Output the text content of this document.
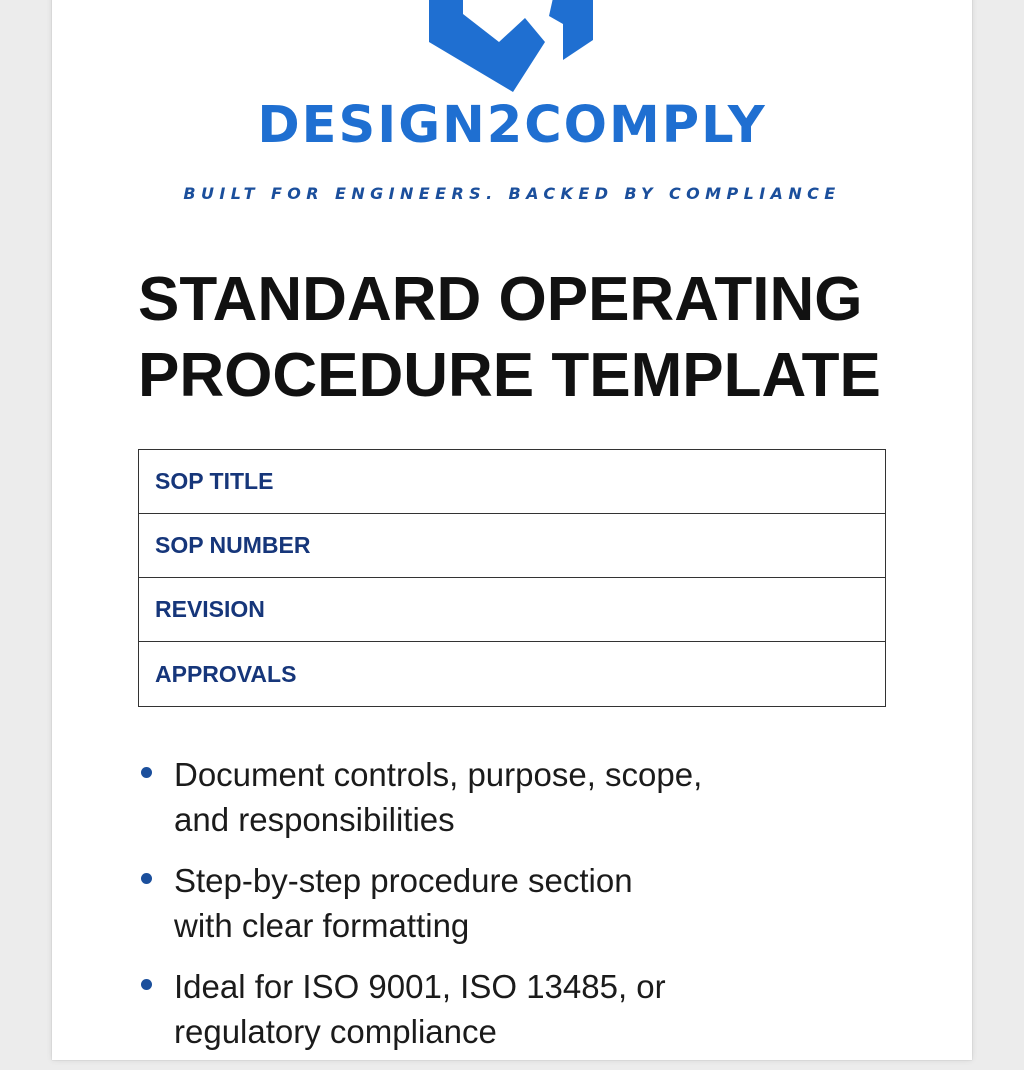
DESIGN2COMPLY
BUILT FOR ENGINEERS. BACKED BY COMPLIANCE
STANDARD OPERATING
PROCEDURE TEMPLATE
SOP TITLE
SOP NUMBER
REVISION
APPROVALS
Document controls, purpose, scope,
and responsibilities
Step-by-step procedure section
with clear formatting
Ideal for ISO 9001, ISO 13485, or
regulatory compliance
